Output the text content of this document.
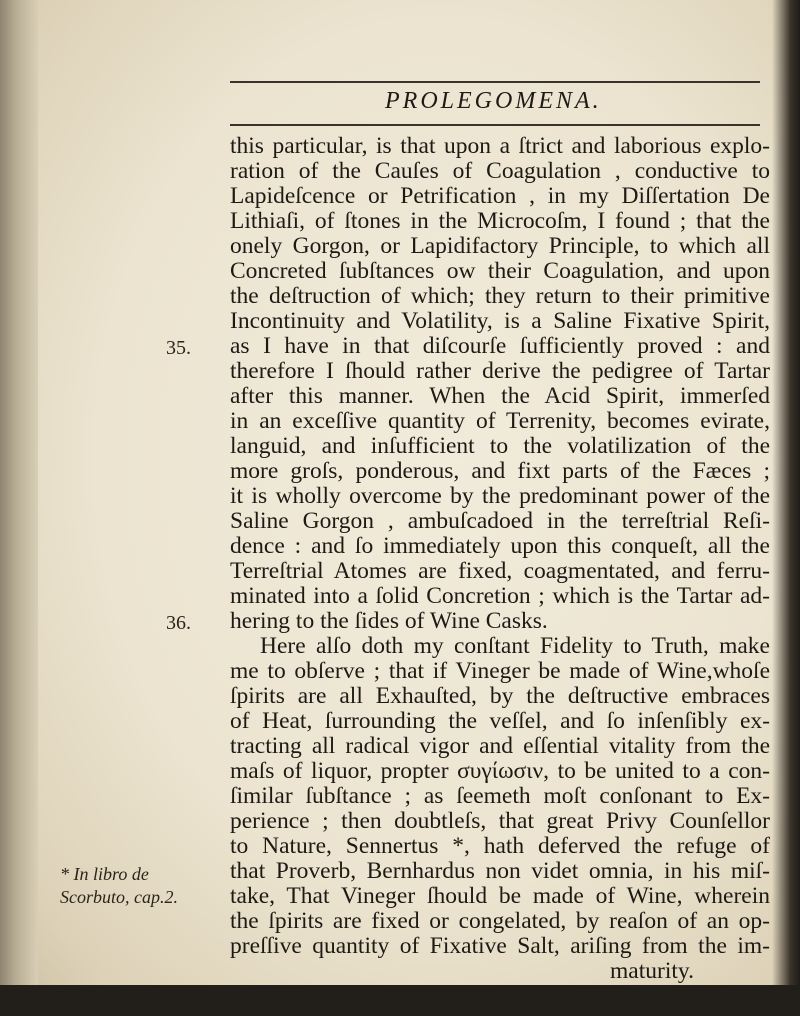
PROLEGOMENA.
35.
36.
* In libro de
Scorbuto, cap.2.
this particular, is that upon a ſtrict and laborious explo-
ration of the Cauſes of Coagulation , conductive to
Lapideſcence or Petrification , in my Diſſertation De
Lithiaſi, of ſtones in the Microcoſm, I found ; that the
onely Gorgon, or Lapidifactory Principle, to which all
Concreted ſubſtances ow their Coagulation, and upon
the deſtruction of which; they return to their primitive
Incontinuity and Volatility, is a Saline Fixative Spirit,
as I have in that diſcourſe ſufficiently proved : and
therefore I ſhould rather derive the pedigree of Tartar
after this manner. When the Acid Spirit, immerſed
in an exceſſive quantity of Terrenity, becomes evirate,
languid, and inſufficient to the volatilization of the
more groſs, ponderous, and fixt parts of the Fæces ;
it is wholly overcome by the predominant power of the
Saline Gorgon , ambuſcadoed in the terreſtrial Reſi-
dence : and ſo immediately upon this conqueſt, all the
Terreſtrial Atomes are fixed, coagmentated, and ferru-
minated into a ſolid Concretion ; which is the Tartar ad-
hering to the ſides of Wine Casks.
Here alſo doth my conſtant Fidelity to Truth, make
me to obſerve ; that if Vineger be made of Wine,whoſe
ſpirits are all Exhauſted, by the deſtructive embraces
of Heat, ſurrounding the veſſel, and ſo inſenſibly ex-
tracting all radical vigor and eſſential vitality from the
maſs of liquor, propter συγίωσιν, to be united to a con-
ſimilar ſubſtance ; as ſeemeth moſt conſonant to Ex-
perience ; then doubtleſs, that great Privy Counſellor
to Nature, Sennertus *, hath deferved the refuge of
that Proverb, Bernhardus non videt omnia, in his miſ-
take, That Vineger ſhould be made of Wine, wherein
the ſpirits are fixed or congelated, by reaſon of an op-
preſſive quantity of Fixative Salt, ariſing from the im-
maturity.
